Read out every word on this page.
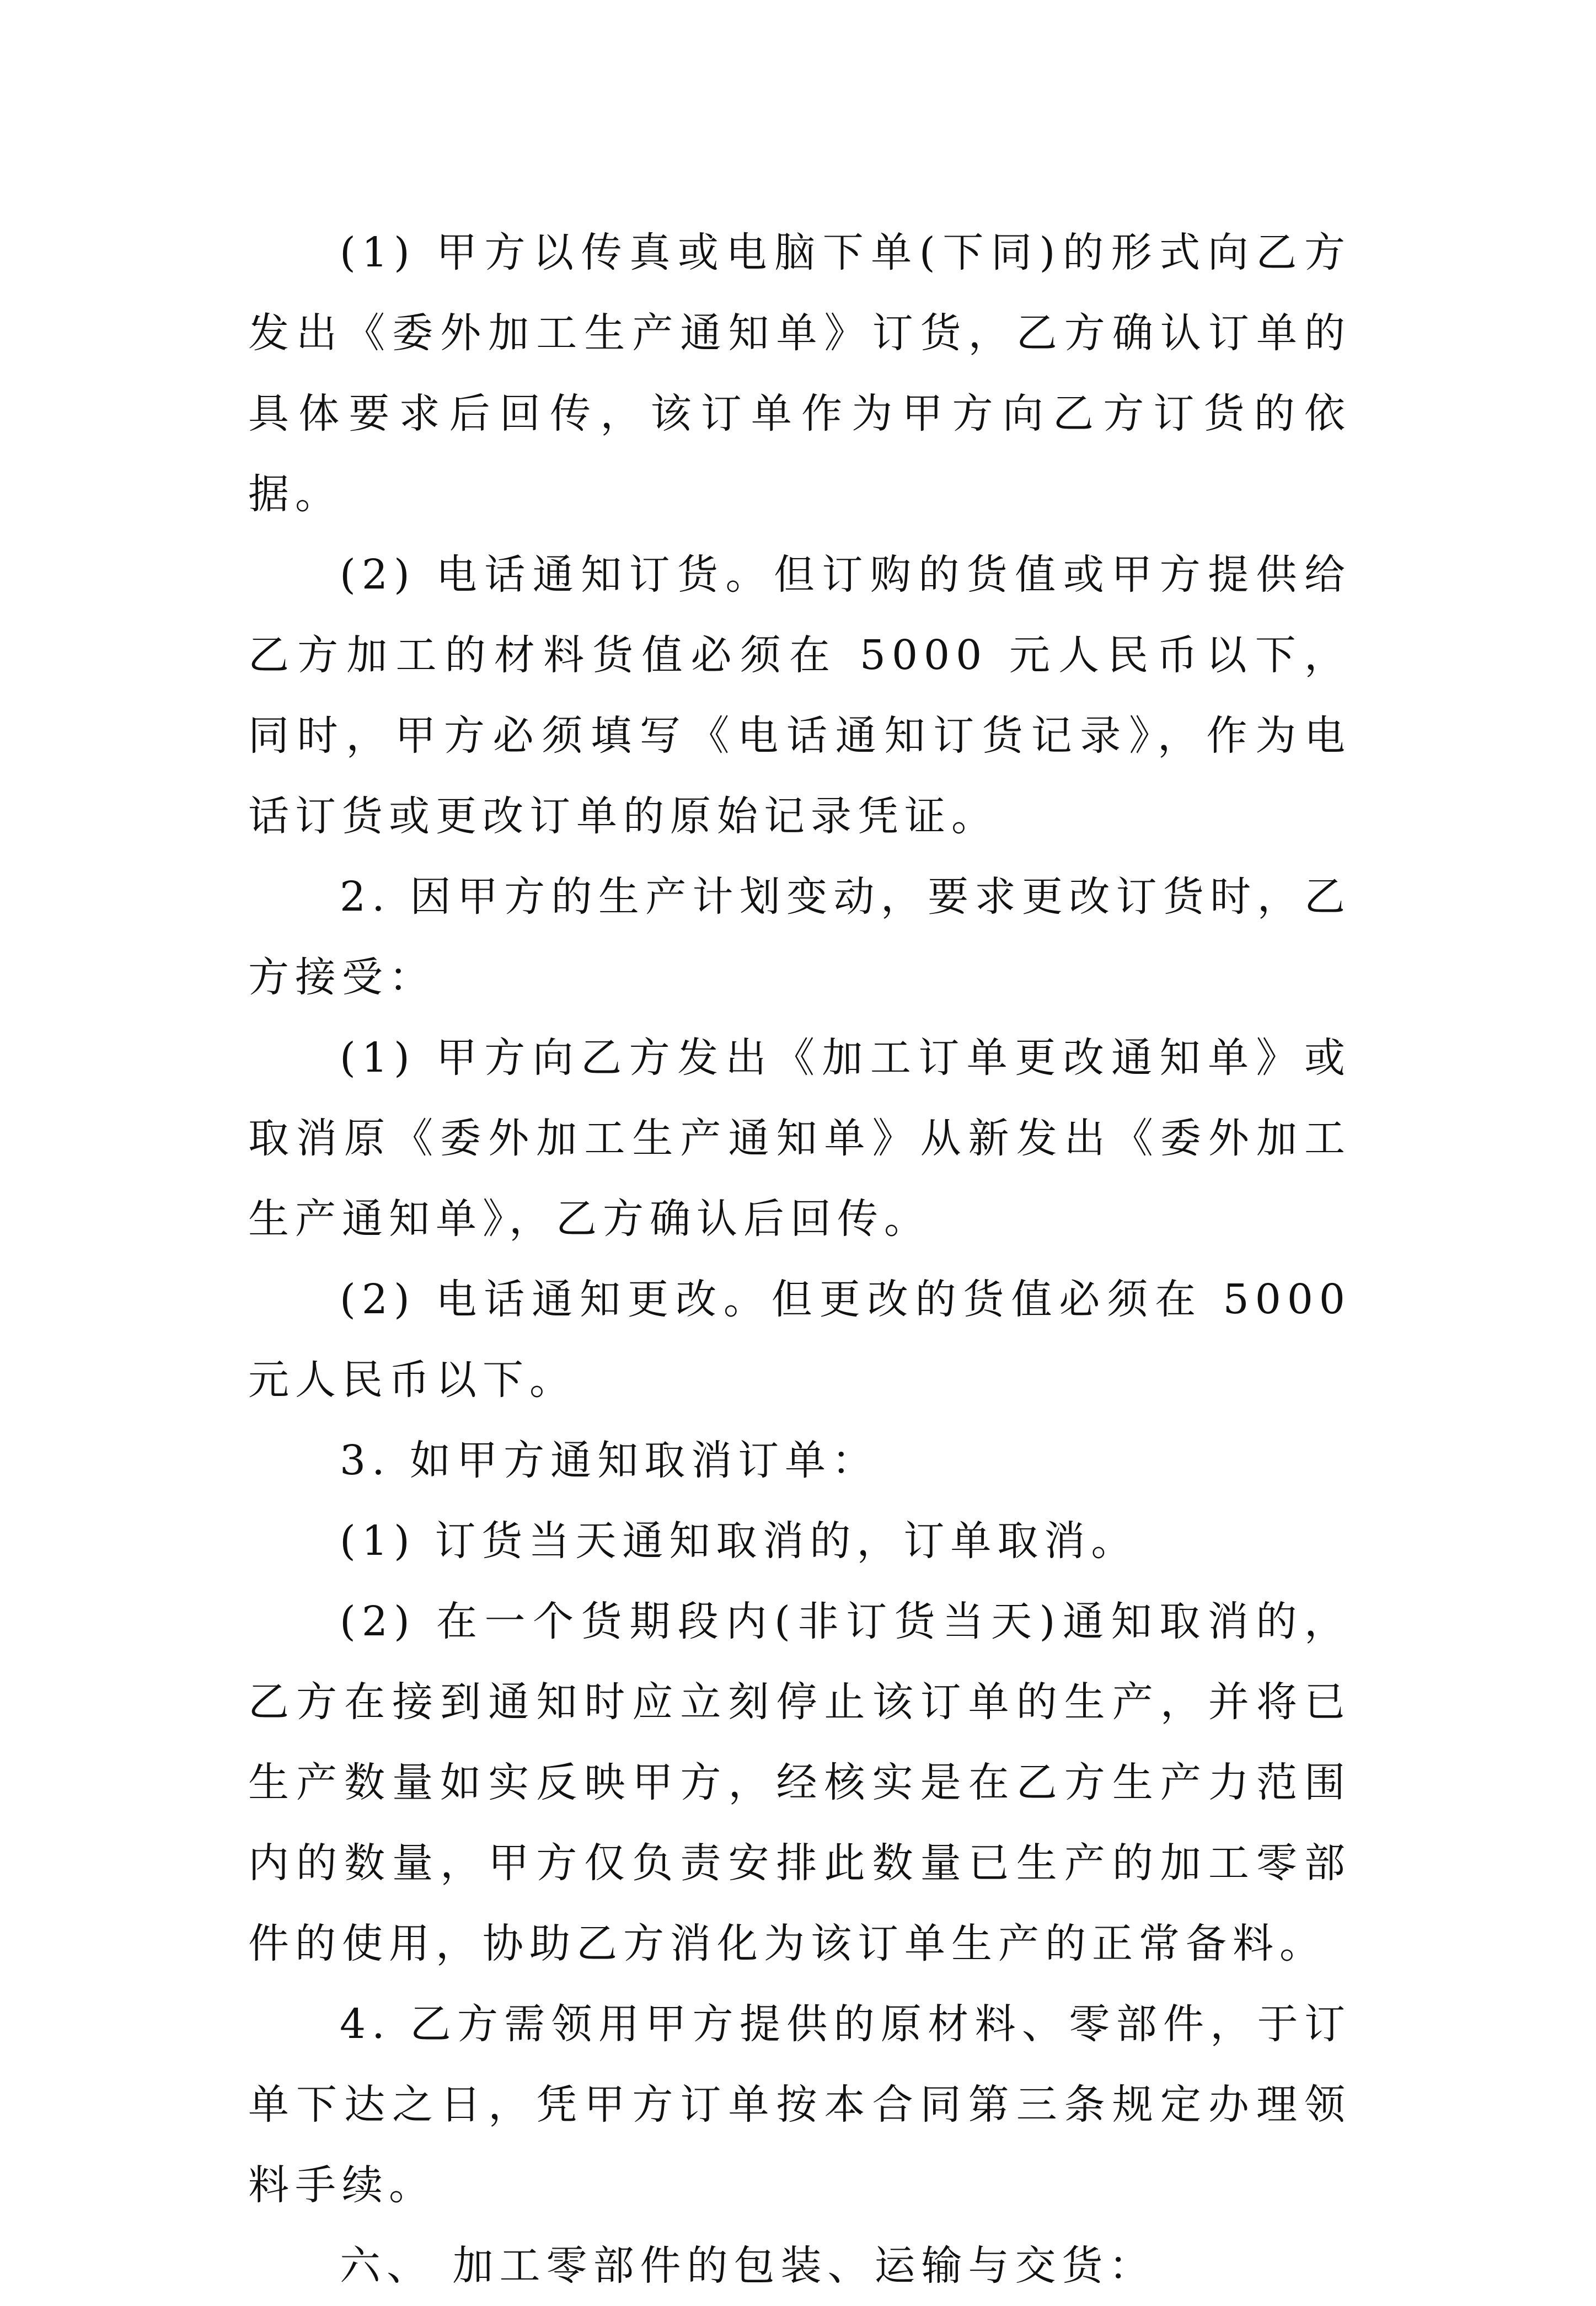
(1) 甲方以传真或电脑下单(下同)的形式向乙方发出《委外加工生产通知单》订货，乙方确认订单的具体要求后回传，该订单作为甲方向乙方订货的依据。

(2) 电话通知订货。但订购的货值或甲方提供给乙方加工的材料货值必须在 5000 元人民币以下，同时，甲方必须填写《电话通知订货记录》，作为电话订货或更改订单的原始记录凭证。

2. 因甲方的生产计划变动，要求更改订货时，乙方接受：

(1) 甲方向乙方发出《加工订单更改通知单》或取消原《委外加工生产通知单》从新发出《委外加工生产通知单》，乙方确认后回传。

(2) 电话通知更改。但更改的货值必须在 5000 元人民币以下。

3. 如甲方通知取消订单：

(1) 订货当天通知取消的，订单取消。

(2) 在一个货期段内(非订货当天)通知取消的，乙方在接到通知时应立刻停止该订单的生产，并将已生产数量如实反映甲方，经核实是在乙方生产力范围内的数量，甲方仅负责安排此数量已生产的加工零部件的使用，协助乙方消化为该订单生产的正常备料。

4. 乙方需领用甲方提供的原材料、零部件，于订单下达之日，凭甲方订单按本合同第三条规定办理领料手续。

六、 加工零部件的包装、运输与交货：
